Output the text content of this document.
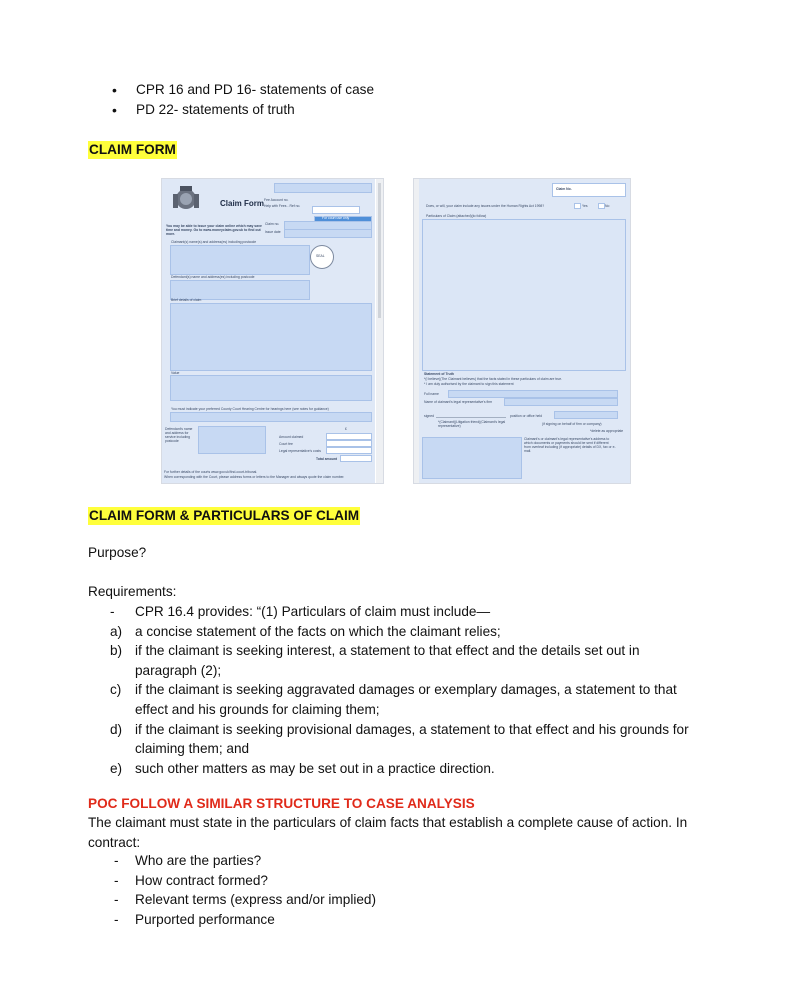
• CPR 16 and PD 16- statements of case
• PD 22- statements of truth
CLAIM FORM
Claim Form Fee Account no.
Help with Fees - Ref no.
For court use only
You may be able to issue your claim online which may save time and money. Go to www.moneyclaim.gov.uk to find out more.
Claim no.
Issue date
Claimant(s) name(s) and address(es) including postcode
SEAL
Defendant(s) name and address(es) including postcode
Brief details of claim
Value
You must indicate your preferred County Court Hearing Centre for hearings here (see notes for guidance)
Defendant's name and address for service including postcode
£
Amount claimed
Court fee
Legal representative's costs
Total amount
For further details of the courts www.gov.uk/find-court-tribunal.
When corresponding with the Court, please address forms or letters to the Manager and always quote the claim number.
Claim No.
Does, or will, your claim include any issues under the Human Rights Act 1998?	Yes	No
Particulars of Claim (attached)(to follow)
Statement of Truth
*(I believe)(The Claimant believes) that the facts stated in these particulars of claim are true.
* I am duly authorised by the claimant to sign this statement
Full name
Name of claimant's legal representative's firm
signed	position or office held
*(Claimant)(Litigation friend)(Claimant's legal representative)	(if signing on behalf of firm or company)
*delete as appropriate
Claimant's or claimant's legal representative's address to which documents or payments should be sent if different from overleaf including (if appropriate) details of DX, fax or e-mail.
CLAIM FORM & PARTICULARS OF CLAIM
Purpose?
Requirements:
- CPR 16.4 provides: “(1) Particulars of claim must include—
a) a concise statement of the facts on which the claimant relies;
b) if the claimant is seeking interest, a statement to that effect and the details set out in paragraph (2);
c) if the claimant is seeking aggravated damages or exemplary damages, a statement to that effect and his grounds for claiming them;
d) if the claimant is seeking provisional damages, a statement to that effect and his grounds for claiming them; and
e) such other matters as may be set out in a practice direction.
POC FOLLOW A SIMILAR STRUCTURE TO CASE ANALYSIS
The claimant must state in the particulars of claim facts that establish a complete cause of action. In contract:
- Who are the parties?
- How contract formed?
- Relevant terms (express and/or implied)
- Purported performance
